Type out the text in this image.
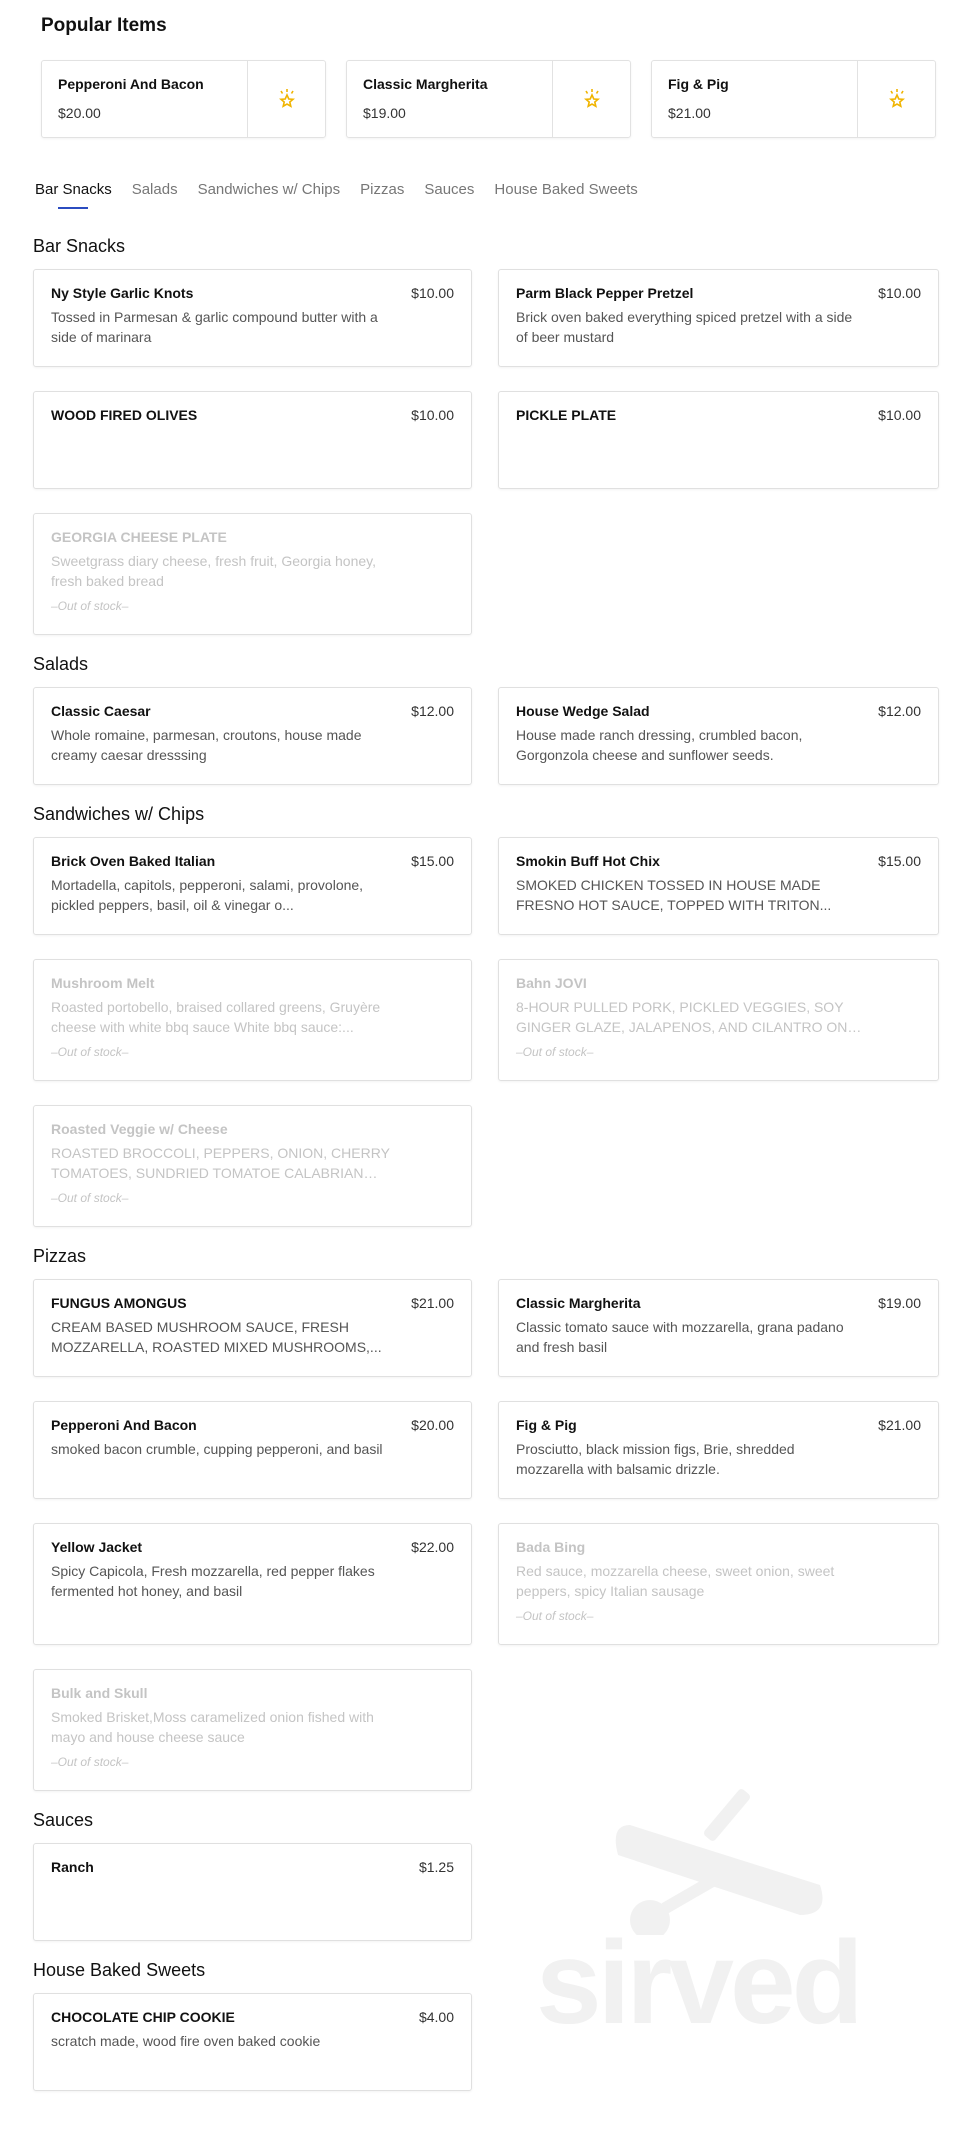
sirved
Popular Items
Pepperoni And Bacon
$20.00
Classic Margherita
$19.00
Fig & Pig
$21.00
Bar Snacks Salads Sandwiches w/ Chips Pizzas Sauces House Baked Sweets
Bar Snacks
Ny Style Garlic Knots	$10.00
Tossed in Parmesan & garlic compound butter with a side of marinara
Parm Black Pepper Pretzel	$10.00
Brick oven baked everything spiced pretzel with a side of beer mustard
WOOD FIRED OLIVES	$10.00	PICKLE PLATE	$10.00
GEORGIA CHEESE PLATE
Sweetgrass diary cheese, fresh fruit, Georgia honey, fresh baked bread
–Out of stock–
Salads
Classic Caesar	$12.00
Whole romaine, parmesan, croutons, house made creamy caesar dresssing
House Wedge Salad	$12.00
House made ranch dressing, crumbled bacon, Gorgonzola cheese and sunflower seeds.
Sandwiches w/ Chips
Brick Oven Baked Italian	$15.00
Mortadella, capitols, pepperoni, salami, provolone, pickled peppers, basil, oil & vinegar o...
Smokin Buff Hot Chix	$15.00
SMOKED CHICKEN TOSSED IN HOUSE MADE FRESNO HOT SAUCE, TOPPED WITH TRITON...
Mushroom Melt
Roasted portobello, braised collared greens, Gruyère cheese with white bbq sauce White bbq sauce:...
–Out of stock–
Bahn JOVI
8-HOUR PULLED PORK, PICKLED VEGGIES, SOY GINGER GLAZE, JALAPENOS, AND CILANTRO ON
–Out of stock–
Roasted Veggie w/ Cheese
ROASTED BROCCOLI, PEPPERS, ONION, CHERRY TOMATOES, SUNDRIED TOMATOE CALABRIAN
–Out of stock–
Pizzas
FUNGUS AMONGUS	$21.00
CREAM BASED MUSHROOM SAUCE, FRESH MOZZARELLA, ROASTED MIXED MUSHROOMS,...
Classic Margherita	$19.00
Classic tomato sauce with mozzarella, grana padano and fresh basil
Pepperoni And Bacon	$20.00
smoked bacon crumble, cupping pepperoni, and basil
Fig & Pig	$21.00
Prosciutto, black mission figs, Brie, shredded mozzarella with balsamic drizzle.
Yellow Jacket	$22.00
Spicy Capicola, Fresh mozzarella, red pepper flakes fermented hot honey, and basil
Bada Bing
Red sauce, mozzarella cheese, sweet onion, sweet peppers, spicy Italian sausage
–Out of stock–
Bulk and Skull
Smoked Brisket,Moss caramelized onion fished with mayo and house cheese sauce
–Out of stock–
Sauces
Ranch	$1.25
House Baked Sweets
CHOCOLATE CHIP COOKIE	$4.00
scratch made, wood fire oven baked cookie
